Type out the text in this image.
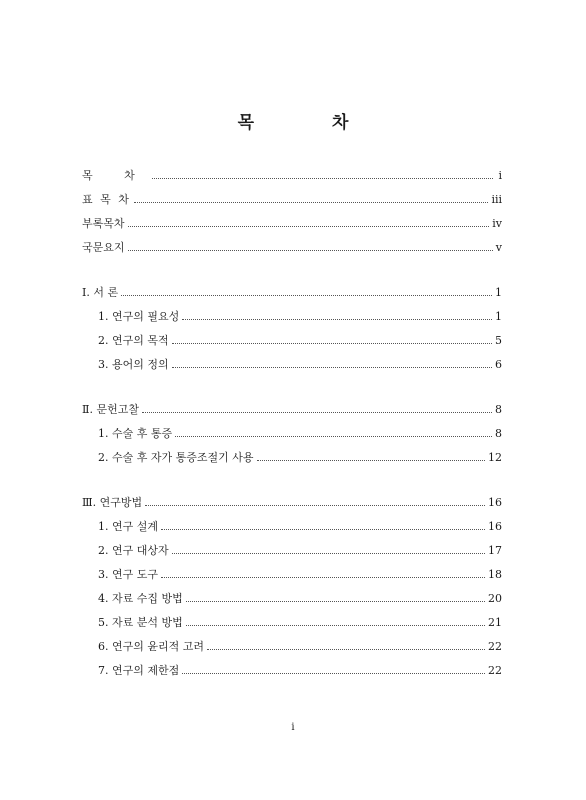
목 차
목 차	i
표 목 차	iii
부록목차	iv
국문요지	v
Ⅰ. 서 론	1
1. 연구의 필요성	1
2. 연구의 목적	5
3. 용어의 정의	6
Ⅱ. 문헌고찰	8
1. 수술 후 통증	8
2. 수술 후 자가 통증조절기 사용	12
Ⅲ. 연구방법	16
1. 연구 설계	16
2. 연구 대상자	17
3. 연구 도구	18
4. 자료 수집 방법	20
5. 자료 분석 방법	21
6. 연구의 윤리적 고려	22
7. 연구의 제한점	22
i
